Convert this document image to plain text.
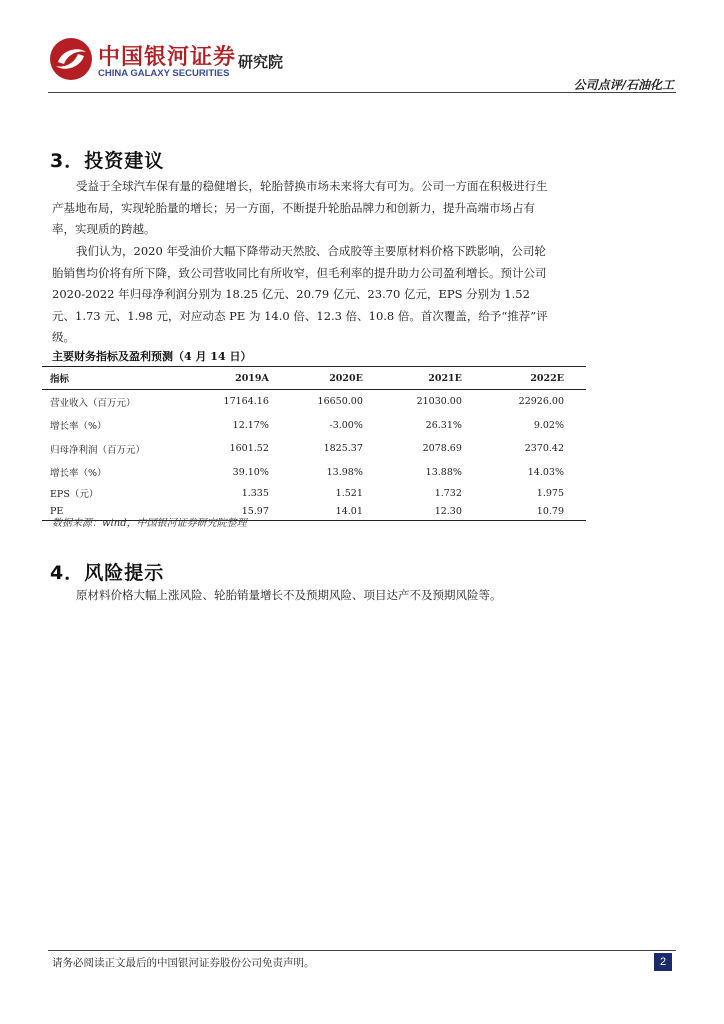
中国银河证券
CHINA GALAXY SECURITIES
研究院
公司点评/石油化工
3．投资建议

受益于全球汽车保有量的稳健增长，轮胎替换市场未来将大有可为。公司一方面在积极进行生产基地布局，实现轮胎量的增长；另一方面，不断提升轮胎品牌力和创新力，提升高端市场占有率，实现质的跨越。

我们认为，2020 年受油价大幅下降带动天然胶、合成胶等主要原材料价格下跌影响，公司轮胎销售均价将有所下降，致公司营收同比有所收窄，但毛利率的提升助力公司盈利增长。预计公司 2020-2022 年归母净利润分别为 18.25 亿元、20.79 亿元、23.70 亿元，EPS 分别为 1.52 元、1.73 元、1.98 元，对应动态 PE 为 14.0 倍、12.3 倍、10.8 倍。首次覆盖，给予“推荐”评级。

主要财务指标及盈利预测（4 月 14 日）
指标	2019A	2020E	2021E	2022E
营业收入（百万元）	17164.16	16650.00	21030.00	22926.00
增长率（%）	12.17%	-3.00%	26.31%	9.02%
归母净利润（百万元）	1601.52	1825.37	2078.69	2370.42
增长率（%）	39.10%	13.98%	13.88%	14.03%
EPS（元）	1.335	1.521	1.732	1.975
PE	15.97	14.01	12.30	10.79
数据来源：wind，中国银河证券研究院整理
4．风险提示

原材料价格大幅上涨风险、轮胎销量增长不及预期风险、项目达产不及预期风险等。

请务必阅读正文最后的中国银河证券股份公司免责声明。	2
